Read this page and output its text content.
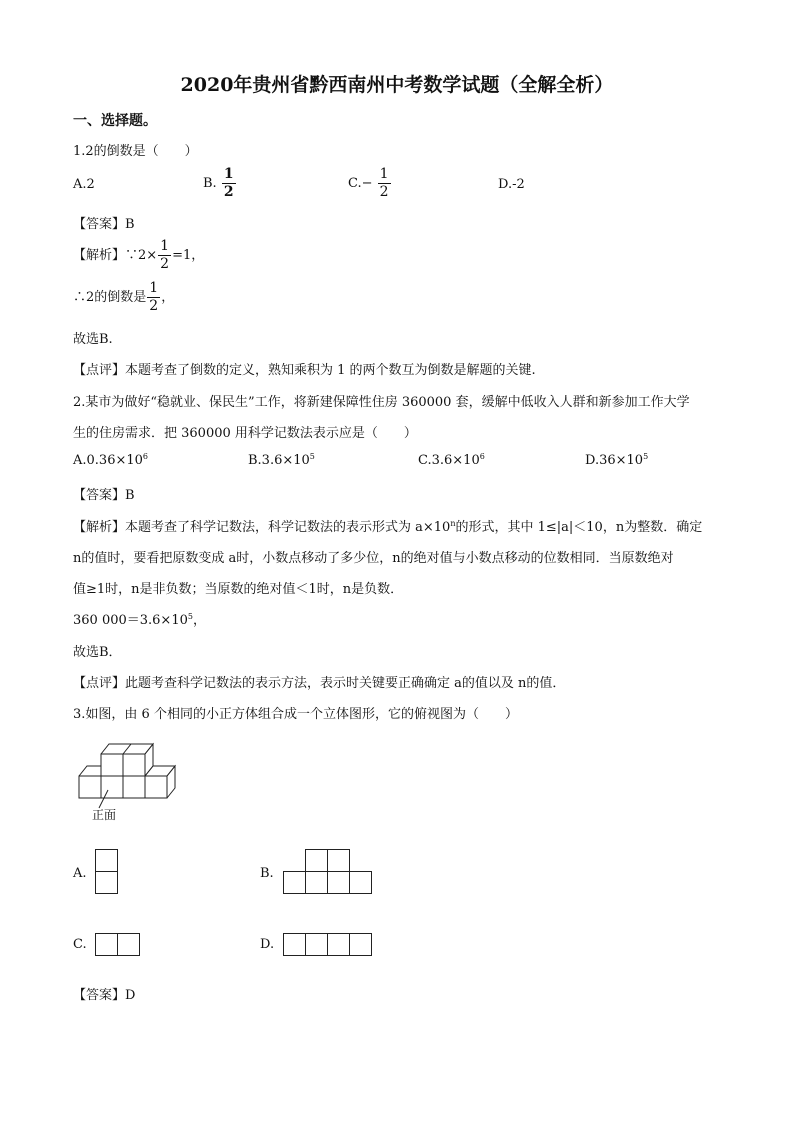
2020年贵州省黔西南州中考数学试题（全解全析）
一、选择题。
1.2的倒数是（　　）
A.2	B. $\frac{1}{2}$	$C.- \frac{1}{2}$	D.-2
【答案】B
【解析】∵2× $\frac{1}{2} =1$，
∴2的倒数是 $\frac{1}{2}$ ，
故选B.
【点评】本题考查了倒数的定义，熟知乘积为 1 的两个数互为倒数是解题的关键.
2.某市为做好“稳就业、保民生”工作，将新建保障性住房 360000 套，缓解中低收入人群和新参加工作大学
生的住房需求．把 360000 用科学记数法表示应是（　　）
$A.0.36\times 10^6$	$B.3.6\times 10^5$	$C.3.6\times 10^6$	$D.36\times 10^5$
【答案】B
【解析】本题考查了科学记数法，科学记数法的表示形式为 $a\times 10^n$的形式，其中 1≤|a|＜10，n为整数．确定
n的值时，要看把原数变成 a时，小数点移动了多少位，n的绝对值与小数点移动的位数相同．当原数绝对
值≥1时，n是非负数；当原数的绝对值＜1时，n是负数．
360 $000=3.6\times 10^5$，
故选B．
【点评】此题考查科学记数法的表示方法，表示时关键要正确确定 a的值以及 n的值．
3.如图，由 6 个相同的小正方体组合成一个立体图形，它的俯视图为（　　）
正面
A.	B.
C.	D.
【答案】D
